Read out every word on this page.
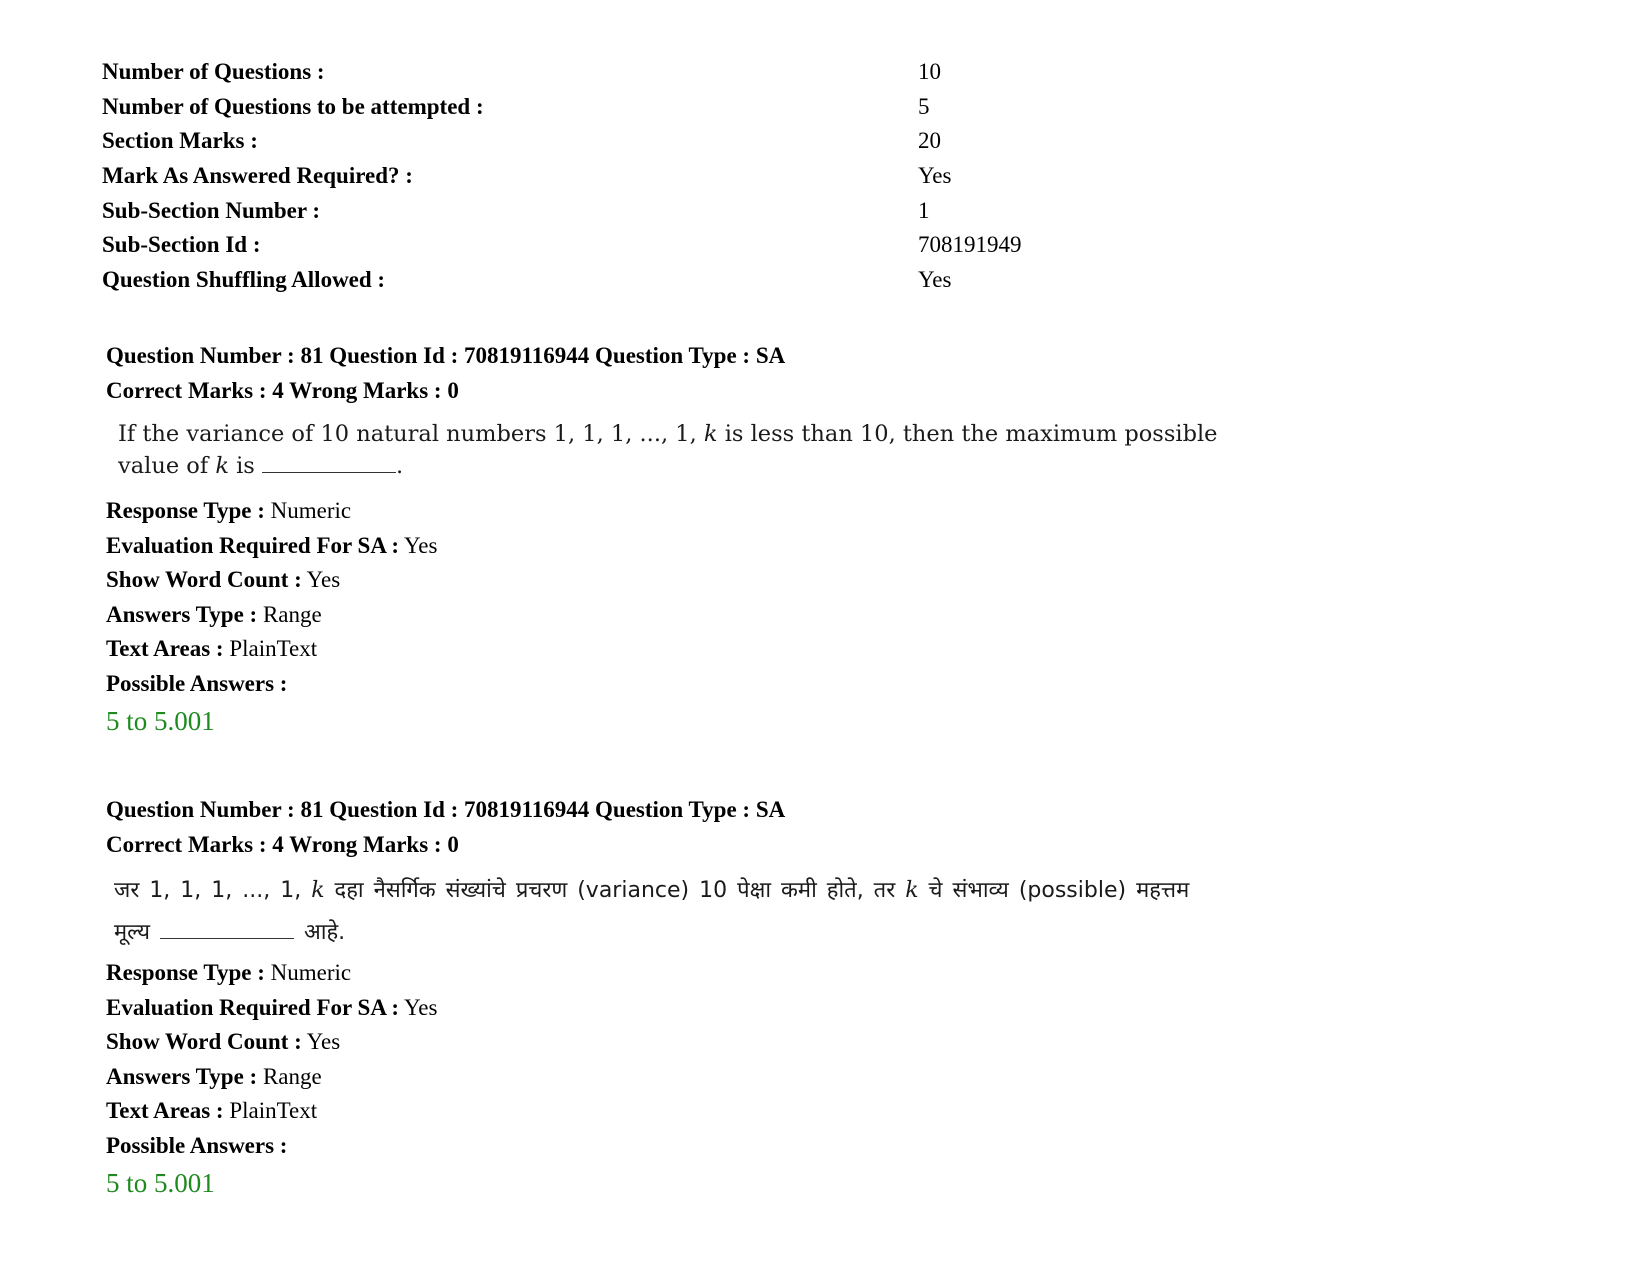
Number of Questions :	10
Number of Questions to be attempted :	5
Section Marks :	20
Mark As Answered Required? :	Yes
Sub-Section Number :	1
Sub-Section Id :	708191949
Question Shuffling Allowed :	Yes
Question Number : 81 Question Id : 70819116944 Question Type : SA
Correct Marks : 4 Wrong Marks : 0
If the variance of 10 natural numbers 1, 1, 1, ..., 1, k is less than 10, then the maximum possible value of k is	.
Response Type : Numeric
Evaluation Required For SA : Yes
Show Word Count : Yes
Answers Type : Range
Text Areas : PlainText
Possible Answers :
5 to 5.001
Question Number : 81 Question Id : 70819116944 Question Type : SA
Correct Marks : 4 Wrong Marks : 0
जर 1, 1, 1, ..., 1, k दहा नैसर्गिक संख्यांचे प्रचरण (variance) 10 पेक्षा कमी होते, तर k चे संभाव्य (possible) महत्तम मूल्य	आहे.
Response Type : Numeric
Evaluation Required For SA : Yes
Show Word Count : Yes
Answers Type : Range
Text Areas : PlainText
Possible Answers :
5 to 5.001
